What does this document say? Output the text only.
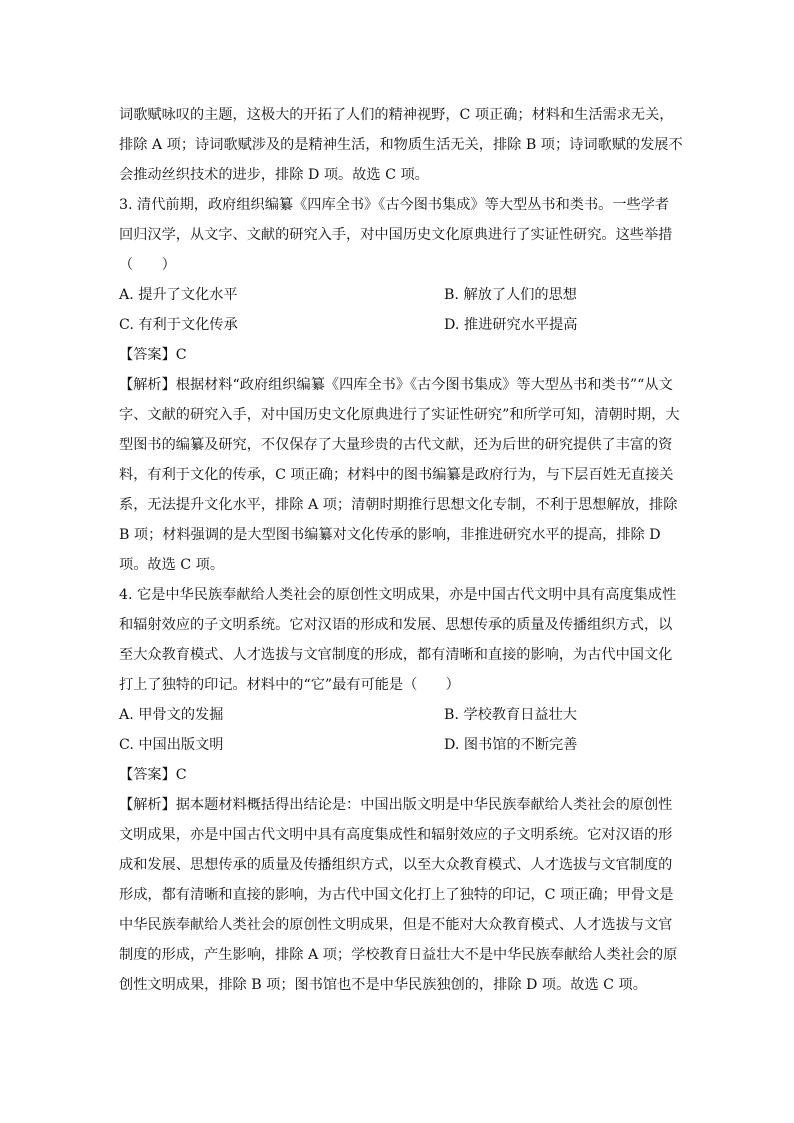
词歌赋咏叹的主题，这极大的开拓了人们的精神视野，C 项正确；材料和生活需求无关，
排除 A 项；诗词歌赋涉及的是精神生活，和物质生活无关，排除 B 项；诗词歌赋的发展不
会推动丝织技术的进步，排除 D 项。故选 C 项。
3. 清代前期，政府组织编纂《四库全书》《古今图书集成》等大型丛书和类书。一些学者
回归汉学，从文字、文献的研究入手，对中国历史文化原典进行了实证性研究。这些举措
（　　）
A. 提升了文化水平	B. 解放了人们的思想
C. 有利于文化传承	D. 推进研究水平提高
【答案】C
【解析】根据材料“政府组织编纂《四库全书》《古今图书集成》等大型丛书和类书”“从文
字、文献的研究入手，对中国历史文化原典进行了实证性研究”和所学可知，清朝时期，大
型图书的编纂及研究，不仅保存了大量珍贵的古代文献，还为后世的研究提供了丰富的资
料，有利于文化的传承，C 项正确；材料中的图书编纂是政府行为，与下层百姓无直接关
系，无法提升文化水平，排除 A 项；清朝时期推行思想文化专制，不利于思想解放，排除
B 项；材料强调的是大型图书编纂对文化传承的影响，非推进研究水平的提高，排除 D
项。故选 C 项。
4. 它是中华民族奉献给人类社会的原创性文明成果，亦是中国古代文明中具有高度集成性
和辐射效应的子文明系统。它对汉语的形成和发展、思想传承的质量及传播组织方式，以
至大众教育模式、人才选拔与文官制度的形成，都有清晰和直接的影响，为古代中国文化
打上了独特的印记。材料中的“它”最有可能是（　　）
A. 甲骨文的发掘	B. 学校教育日益壮大
C. 中国出版文明	D. 图书馆的不断完善
【答案】C
【解析】据本题材料概括得出结论是：中国出版文明是中华民族奉献给人类社会的原创性
文明成果，亦是中国古代文明中具有高度集成性和辐射效应的子文明系统。它对汉语的形
成和发展、思想传承的质量及传播组织方式，以至大众教育模式、人才选拔与文官制度的
形成，都有清晰和直接的影响，为古代中国文化打上了独特的印记，C 项正确；甲骨文是
中华民族奉献给人类社会的原创性文明成果，但是不能对大众教育模式、人才选拔与文官
制度的形成，产生影响，排除 A 项；学校教育日益壮大不是中华民族奉献给人类社会的原
创性文明成果，排除 B 项；图书馆也不是中华民族独创的，排除 D 项。故选 C 项。
